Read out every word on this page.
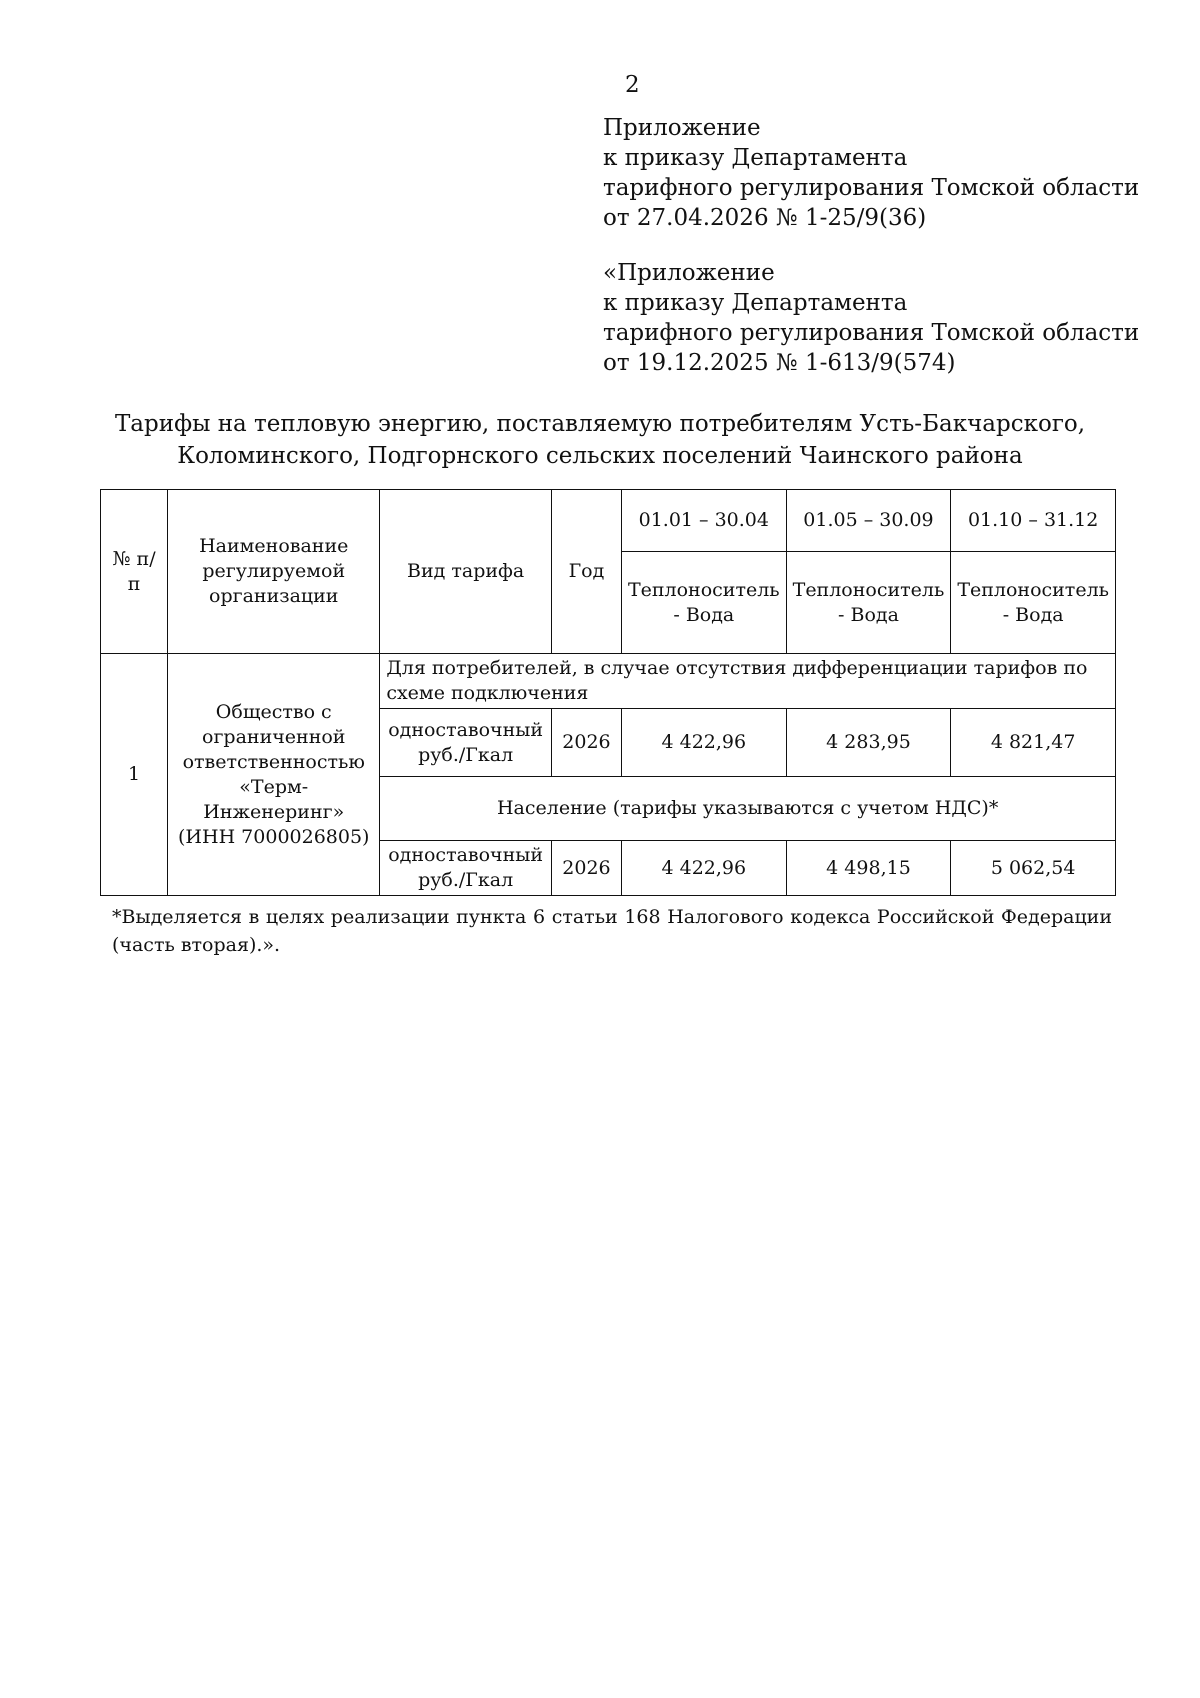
2
Приложение
к приказу Департамента
тарифного регулирования Томской области
от 27.04.2026 № 1-25/9(36)
«Приложение
к приказу Департамента
тарифного регулирования Томской области
от 19.12.2025 № 1-613/9(574)
Тарифы на тепловую энергию, поставляемую потребителям Усть-Бакчарского,
Коломинского, Подгорнского сельских поселений Чаинского района
№ п/п	Наименование регулируемой организации	Вид тарифа	Год	01.01 – 30.04	01.05 – 30.09	01.10 – 31.12
				Теплоноситель - Вода	Теплоноситель - Вода	Теплоноситель - Вода
1	Общество с ограниченной ответственностью «Терм-Инженеринг» (ИНН 7000026805)	Для потребителей, в случае отсутствия дифференциации тарифов по схеме подключения				
		одноставочный руб./Гкал	2026	4 422,96	4 283,95	4 821,47
		Население (тарифы указываются с учетом НДС)*				
		одноставочный руб./Гкал	2026	4 422,96	4 498,15	5 062,54
*Выделяется в целях реализации пункта 6 статьи 168 Налогового кодекса Российской Федерации (часть вторая).».
